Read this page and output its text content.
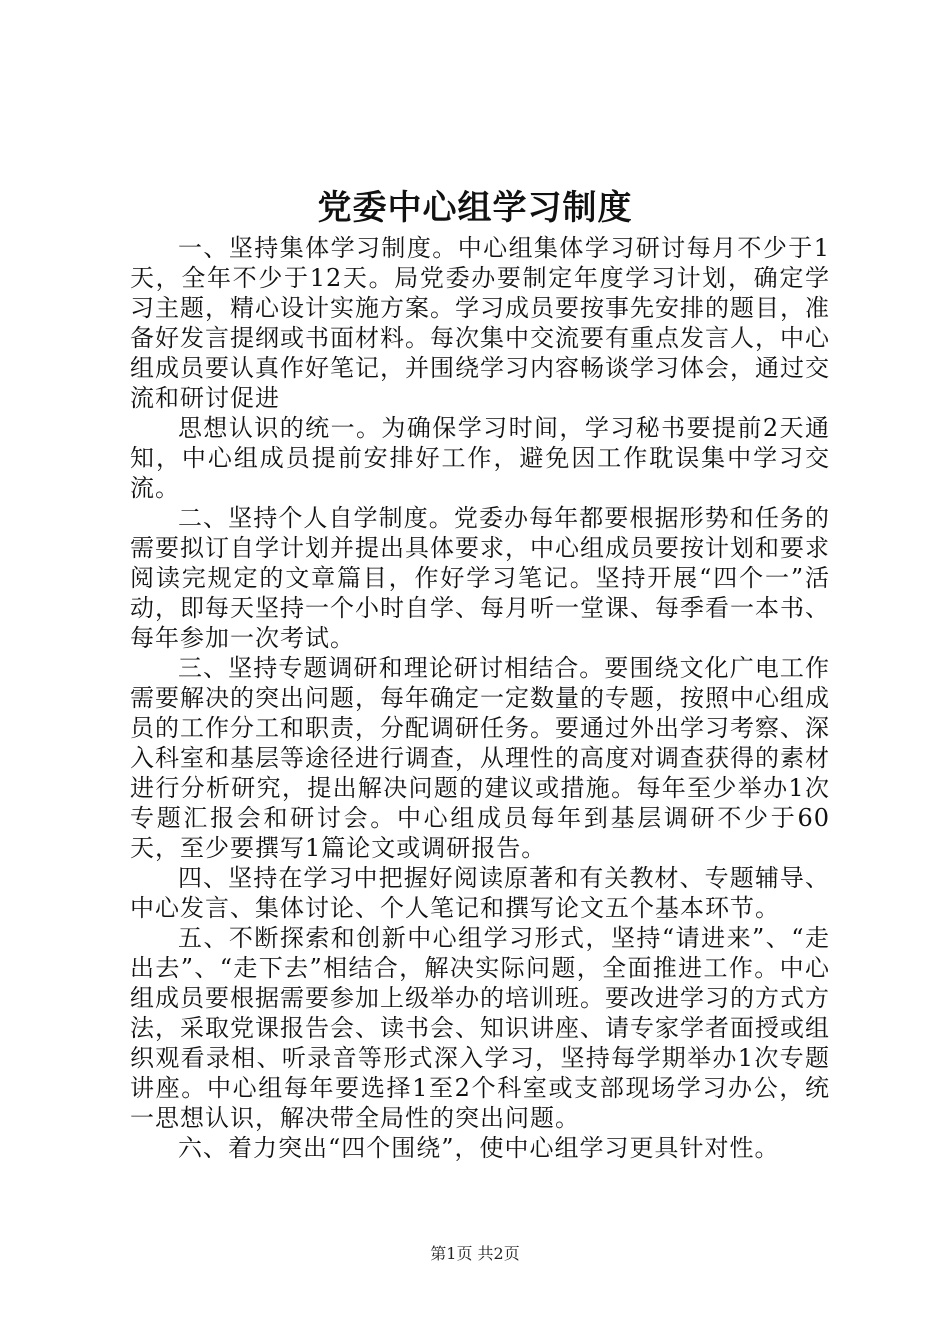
党委中心组学习制度

一、坚持集体学习制度。中心组集体学习研讨每月不少于1天，全年不少于12天。局党委办要制定年度学习计划，确定学习主题，精心设计实施方案。学习成员要按事先安排的题目，准备好发言提纲或书面材料。每次集中交流要有重点发言人，中心组成员要认真作好笔记，并围绕学习内容畅谈学习体会，通过交流和研讨促进

思想认识的统一。为确保学习时间，学习秘书要提前2天通知，中心组成员提前安排好工作，避免因工作耽误集中学习交流。

二、坚持个人自学制度。党委办每年都要根据形势和任务的需要拟订自学计划并提出具体要求，中心组成员要按计划和要求阅读完规定的文章篇目，作好学习笔记。坚持开展“四个一”活动，即每天坚持一个小时自学、每月听一堂课、每季看一本书、每年参加一次考试。

三、坚持专题调研和理论研讨相结合。要围绕文化广电工作需要解决的突出问题，每年确定一定数量的专题，按照中心组成员的工作分工和职责，分配调研任务。要通过外出学习考察、深入科室和基层等途径进行调查，从理性的高度对调查获得的素材进行分析研究，提出解决问题的建议或措施。每年至少举办1次专题汇报会和研讨会。中心组成员每年到基层调研不少于60天，至少要撰写1篇论文或调研报告。

四、坚持在学习中把握好阅读原著和有关教材、专题辅导、中心发言、集体讨论、个人笔记和撰写论文五个基本环节。

五、不断探索和创新中心组学习形式，坚持“请进来”、“走出去”、“走下去”相结合，解决实际问题，全面推进工作。中心组成员要根据需要参加上级举办的培训班。要改进学习的方式方法，采取党课报告会、读书会、知识讲座、请专家学者面授或组织观看录相、听录音等形式深入学习，坚持每学期举办1次专题讲座。中心组每年要选择1至2个科室或支部现场学习办公，统一思想认识，解决带全局性的突出问题。

六、着力突出“四个围绕”，使中心组学习更具针对性。

第1页 共2页
